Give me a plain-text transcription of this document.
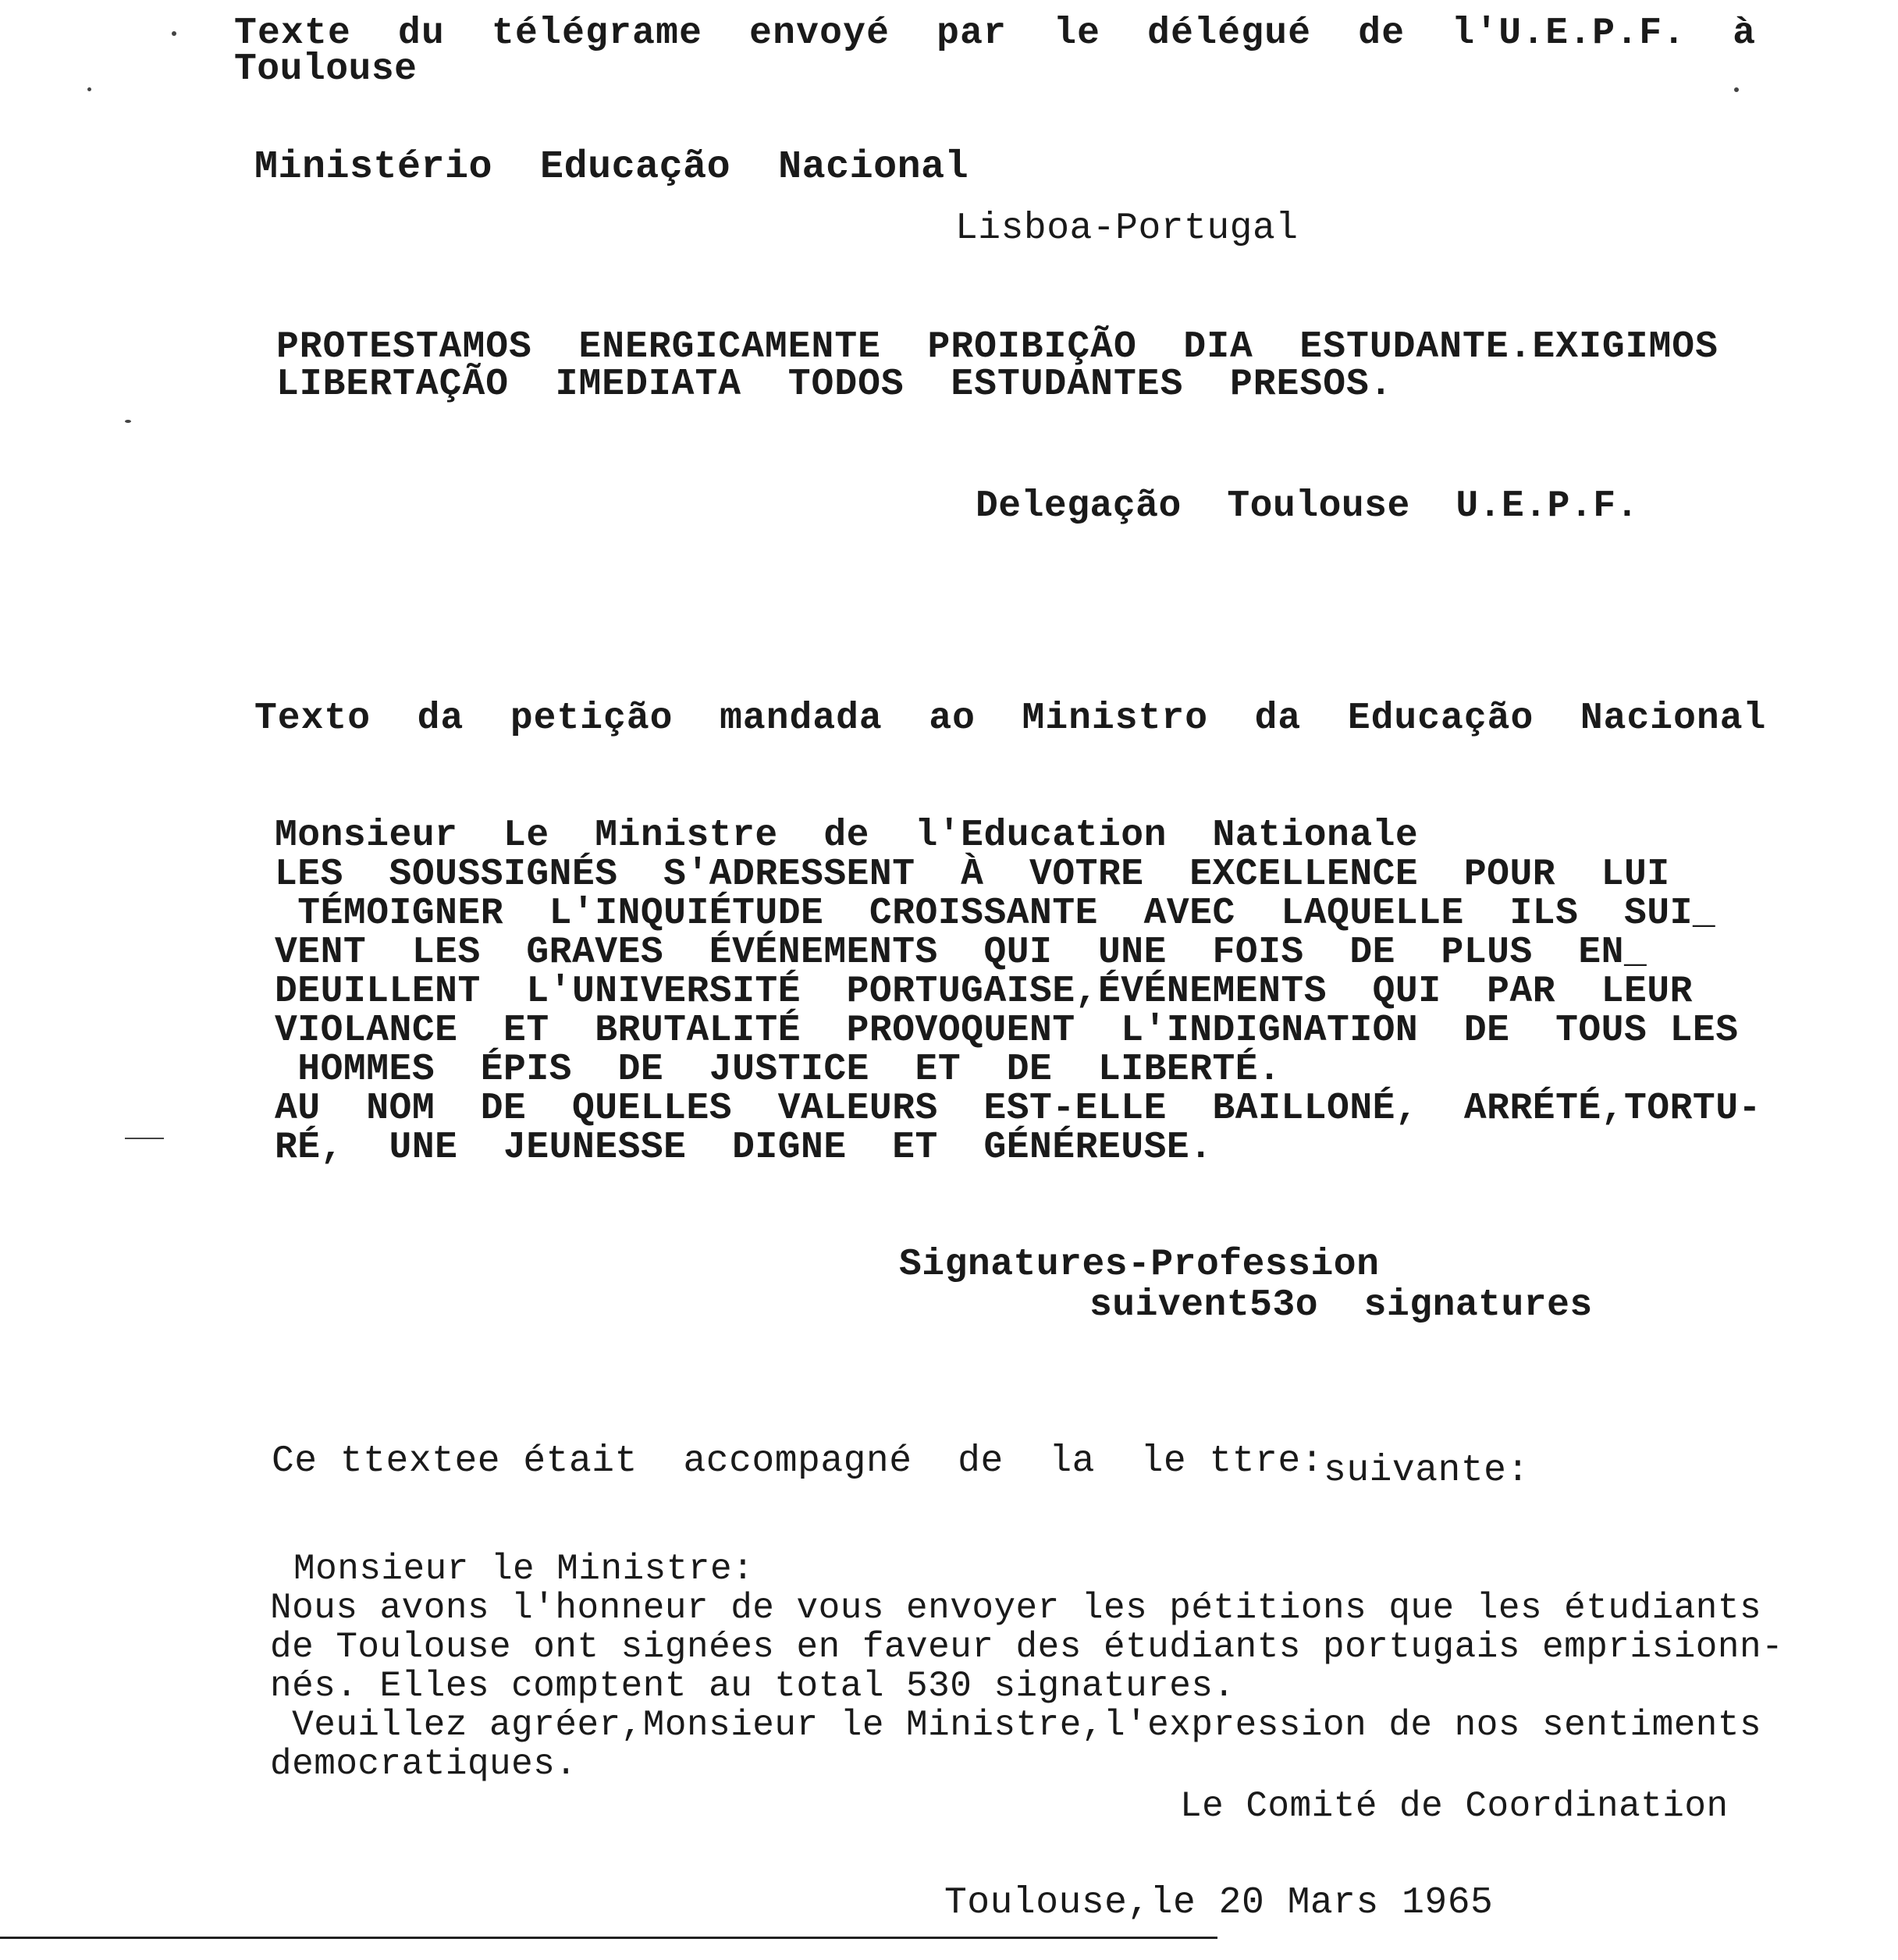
Texte  du  télégrame  envoyé  par  le  délégué  de  l'U.E.P.F.  à

Toulouse

Ministério  Educação  Nacional

Lisboa-Portugal

PROTESTAMOS  ENERGICAMENTE  PROIBIÇÃO  DIA  ESTUDANTE.EXIGIMOS

LIBERTAÇÃO  IMEDIATA  TODOS  ESTUDANTES  PRESOS.

Delegação  Toulouse  U.E.P.F.

Texto  da  petição  mandada  ao  Ministro  da  Educação  Nacional

Monsieur  Le  Ministre  de  l'Education  Nationale

LES  SOUSSIGNÉS  S'ADRESSENT  À  VOTRE  EXCELLENCE  POUR  LUI

TÉMOIGNER  L'INQUIÉTUDE  CROISSANTE  AVEC  LAQUELLE  ILS  SUI_

VENT  LES  GRAVES  ÉVÉNEMENTS  QUI  UNE  FOIS  DE  PLUS  EN_

DEUILLENT  L'UNIVERSITÉ  PORTUGAISE,ÉVÉNEMENTS  QUI  PAR  LEUR

VIOLANCE  ET  BRUTALITÉ  PROVOQUENT  L'INDIGNATION  DE  TOUS LES

HOMMES  ÉPIS  DE  JUSTICE  ET  DE  LIBERTÉ.

AU  NOM  DE  QUELLES  VALEURS  EST-ELLE  BAILLONÉ,  ARRÉTÉ,TORTU-

RÉ,  UNE  JEUNESSE  DIGNE  ET  GÉNÉREUSE.

Signatures-Profession

suivent53o  signatures

Ce ttextee était  accompagné  de  la  le ttre:suivante:

Monsieur le Ministre:

Nous avons l'honneur de vous envoyer les pétitions que les étudiants

de Toulouse ont signées en faveur des étudiants portugais emprisionn-

nés. Elles comptent au total 530 signatures.

Veuillez agréer,Monsieur le Ministre,l'expression de nos sentiments

democratiques.

Le Comité de Coordination

Toulouse,le 20 Mars 1965
